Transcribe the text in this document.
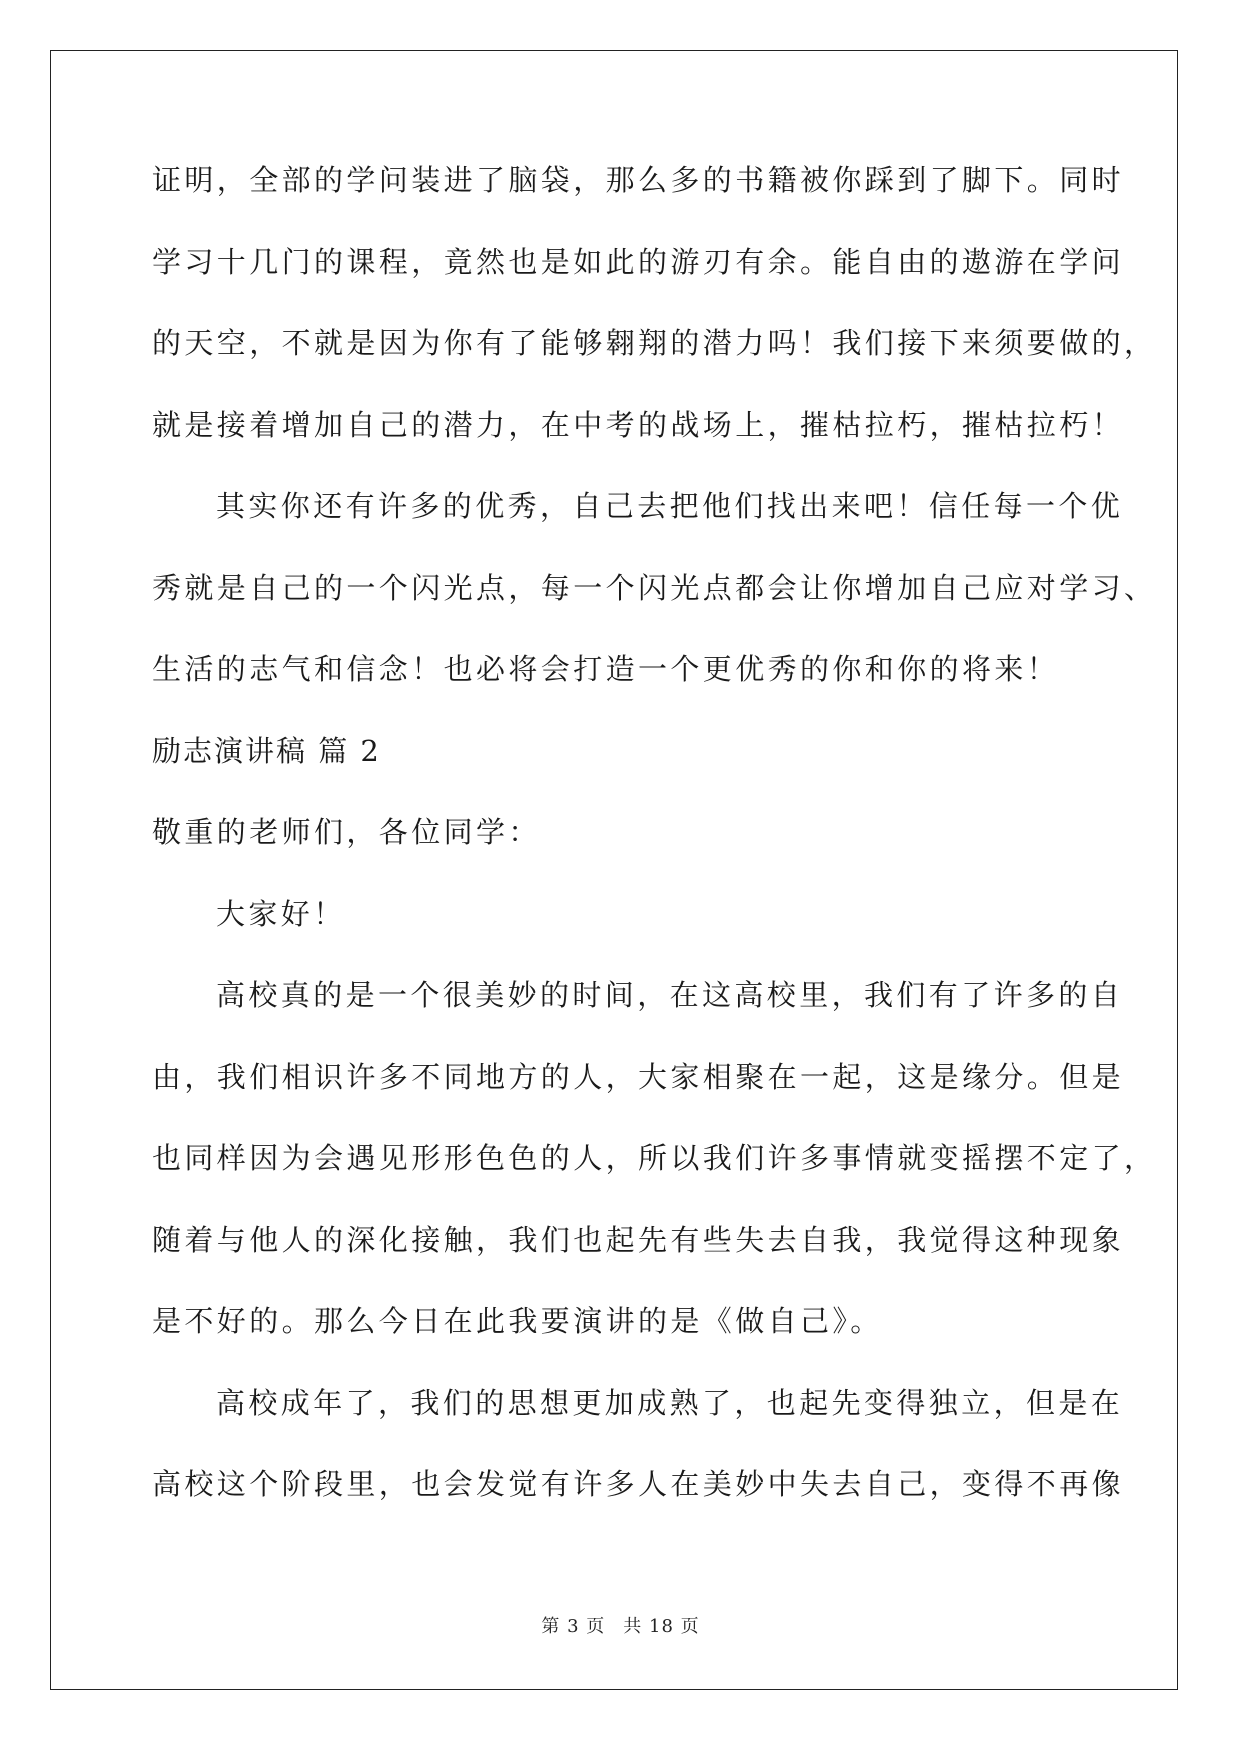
证明，全部的学问装进了脑袋，那么多的书籍被你踩到了脚下。同时
学习十几门的课程，竟然也是如此的游刃有余。能自由的遨游在学问
的天空，不就是因为你有了能够翱翔的潜力吗！我们接下来须要做的，
就是接着增加自己的潜力，在中考的战场上，摧枯拉朽，摧枯拉朽！
其实你还有许多的优秀，自己去把他们找出来吧！信任每一个优
秀就是自己的一个闪光点，每一个闪光点都会让你增加自己应对学习、
生活的志气和信念！也必将会打造一个更优秀的你和你的将来！
励志演讲稿 篇 2
敬重的老师们，各位同学：
大家好！
高校真的是一个很美妙的时间，在这高校里，我们有了许多的自
由，我们相识许多不同地方的人，大家相聚在一起，这是缘分。但是
也同样因为会遇见形形色色的人，所以我们许多事情就变摇摆不定了，
随着与他人的深化接触，我们也起先有些失去自我，我觉得这种现象
是不好的。那么今日在此我要演讲的是《做自己》。
高校成年了，我们的思想更加成熟了，也起先变得独立，但是在
高校这个阶段里，也会发觉有许多人在美妙中失去自己，变得不再像
第 3 页 共 18 页
